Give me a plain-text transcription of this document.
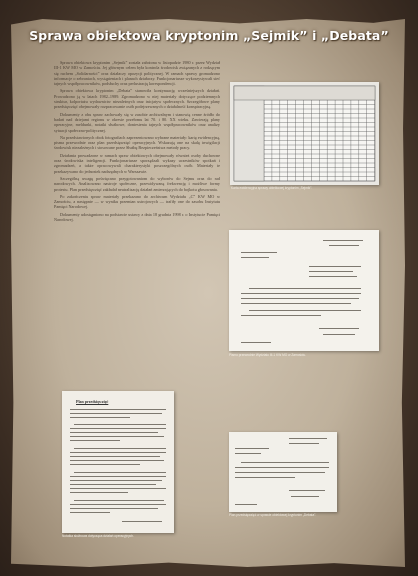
Sprawa obiektowa kryptonim „Sejmik” i „Debata”

Sprawa obiektowa kryptonim „Sejmik” została założona w listopadzie 1980 r. przez Wydział III-1 KW MO w Zamościu. Jej głównym celem była kontrola środowisk związanych z rodzącym się ruchem „Solidarności” oraz działaczy opozycji politycznej. W ramach sprawy gromadzono informacje o zebraniach, wystąpieniach i planach działaczy. Funkcjonariusze wykorzystywali sieć tajnych współpracowników, podsłuchy oraz perlustrację korespondencji.

Sprawa obiektowa kryptonim „Debata” stanowiła kontynuację wcześniejszych działań. Prowadzono ją w latach 1982–1989. Zgromadzono w niej materiały dotyczące podziemnych struktur, kolportażu wydawnictw niezależnych oraz inicjatyw społecznych. Szczegółowe plany przedsięwzięć obejmowały rozpracowanie osób podejrzewanych o działalność konspiracyjną.

Dokumenty z obu spraw zachowały się w zasobie archiwalnym i stanowią cenne źródło do badań nad dziejami regionu w okresie przełomu lat 70. i 80. XX wieku. Zawierają plany operacyjne, meldunki, notatki służbowe, doniesienia tajnych współpracowników oraz analizy sytuacji społeczno-politycznej.

Na przedstawionych obok fotografiach zaprezentowano wybrane materiały: kartę ewidencyjną, pisma przewodnie oraz plan przedsięwzięć operacyjnych. Wskazują one na skalę inwigilacji środowisk niezależnych i stosowane przez Służbę Bezpieczeństwa metody pracy.

Działania prowadzone w ramach spraw obiektowych obejmowały również osoby duchowne oraz środowiska inteligencji. Funkcjonariusze sporządzali wykazy uczestników spotkań i zgromadzeń, a także opracowywali charakterystyki poszczególnych osób. Materiały te przekazywano do jednostek nadrzędnych w Warszawie.

Szczególną uwagę poświęcano przygotowaniom do wyborów do Sejmu oraz do rad narodowych. Analizowano nastroje społeczne, przewidywaną frekwencję i możliwe formy protestu. Plan przedsięwzięć zakładał neutralizację działań zmierzających do bojkotu głosowania.

Po zakończeniu spraw materiały przekazano do archiwum Wydziału „C” KW MO w Zamościu, a następnie — w wyniku przemian ustrojowych — trafiły one do zasobu Instytutu Pamięci Narodowej.

Dokumenty udostępniono na podstawie ustawy z dnia 18 grudnia 1998 r. o Instytucie Pamięci Narodowej.

Karta ewidencyjna sprawy obiektowej kryptonim „Sejmik”.
Pismo przewodnie Wydziału III-1 KW MO w Zamościu.
Plan przedsięwzięć w sprawie obiektowej kryptonim „Debata”.
Plan przedsięwzięć
Notatka służbowa dotycząca działań operacyjnych.
